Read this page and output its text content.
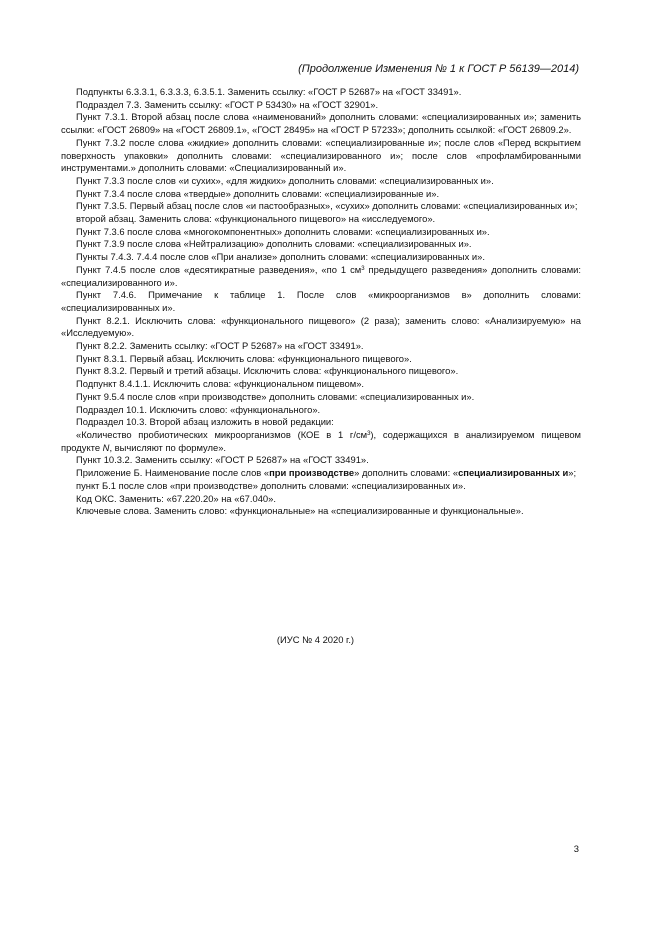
(Продолжение Изменения № 1 к ГОСТ Р 56139—2014)

Подпункты 6.3.3.1, 6.3.3.3, 6.3.5.1. Заменить ссылку: «ГОСТ Р 52687» на «ГОСТ 33491».

Подраздел 7.3. Заменить ссылку: «ГОСТ Р 53430» на «ГОСТ 32901».

Пункт 7.3.1. Второй абзац после слова «наименований» дополнить словами: «специализированных и»; заменить ссылки: «ГОСТ 26809» на «ГОСТ 26809.1», «ГОСТ 28495» на «ГОСТ Р 57233»; дополнить ссылкой: «ГОСТ 26809.2».

Пункт 7.3.2 после слова «жидкие» дополнить словами: «специализированные и»; после слов «Перед вскрытием поверхность упаковки» дополнить словами: «специализированного и»; после слов «профламбированными инструментами.» дополнить словами: «Специализированный и».

Пункт 7.3.3 после слов «и сухих», «для жидких» дополнить словами: «специализированных и».

Пункт 7.3.4 после слова «твердые» дополнить словами: «специализированные и».

Пункт 7.3.5. Первый абзац после слов «и пастообразных», «сухих» дополнить словами: «специализированных и»;

второй абзац. Заменить слова: «функционального пищевого» на «исследуемого».

Пункт 7.3.6 после слова «многокомпонентных» дополнить словами: «специализированных и».

Пункт 7.3.9 после слова «Нейтрализацию» дополнить словами: «специализированных и».

Пункты 7.4.3. 7.4.4 после слов «При анализе» дополнить словами: «специализированных и».

Пункт 7.4.5 после слов «десятикратные разведения», «по 1 $см^3$ предыдущего разведения» дополнить словами: «специализированного и».

Пункт 7.4.6. Примечание к таблице 1. После слов «микроорганизмов в» дополнить словами: «специализированных и».

Пункт 8.2.1. Исключить слова: «функционального пищевого» (2 раза); заменить слово: «Анализируемую» на «Исследуемую».

Пункт 8.2.2. Заменить ссылку: «ГОСТ Р 52687» на «ГОСТ 33491».

Пункт 8.3.1. Первый абзац. Исключить слова: «функционального пищевого».

Пункт 8.3.2. Первый и третий абзацы. Исключить слова: «функционального пищевого».

Подпункт 8.4.1.1. Исключить слова: «функциональном пищевом».

Пункт 9.5.4 после слов «при производстве» дополнить словами: «специализированных и».

Подраздел 10.1. Исключить слово: «функционального».

Подраздел 10.3. Второй абзац изложить в новой редакции:

«Количество пробиотических микроорганизмов (КОЕ в 1 $г/см^3$), содержащихся в анализируемом пищевом продукте N, вычисляют по формуле».

Пункт 10.3.2. Заменить ссылку: «ГОСТ Р 52687» на «ГОСТ 33491».

Приложение Б. Наименование после слов «при производстве» дополнить словами: «специализированных и»;

пункт Б.1 после слов «при производстве» дополнить словами: «специализированных и».

Код ОКС. Заменить: «67.220.20» на «67.040».

Ключевые слова. Заменить слово: «функциональные» на «специализированные и функциональные».

(ИУС № 4 2020 г.)
3
